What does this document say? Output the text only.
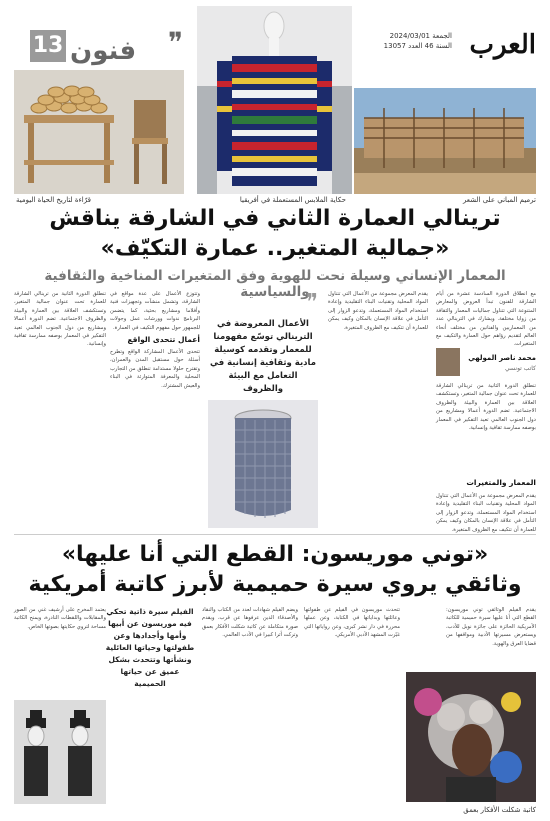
العرب
الجمعة 2024/03/01
السنة 46 العدد 13057
13 فنون ❞
ترميم المباني على الشعر
حكاية الملابس المستعملة في أفريقيا
قرّاءة لتاريخ الحياة اليومية
ترينالي العمارة الثاني في الشارقة يناقش
«جمالية المتغير.. عمارة التكيّف»
المعمار الإنساني وسيلة نحت للهوية وفق المتغيرات المناخية والثقافية والسياسية	مع انطلاق الدورة السادسة عشرة من أيام الشارقة للفنون تبدأ العروض والمعارض المتنوعة التي تتناول جماليات المعمار والثقافة من زوايا مختلفة. ويشارك في الترينالي عدد من المعماريين والفنانين من مختلف أنحاء العالم لتقديم رؤاهم حول العمارة والتكيف مع المتغيرات.
محمد ناصر المولهي
كاتب تونسي
تنطلق الدورة الثانية من ترينالي الشارقة للعمارة تحت عنوان جمالية المتغير، وتستكشف العلاقة بين العمارة والبيئة والظروف الاجتماعية. تضم الدورة أعمالا ومشاريع من دول الجنوب العالمي تعيد التفكير في المعمار بوصفه ممارسة ثقافية وإنسانية.
المعمار والمتغيرات
يقدم المعرض مجموعة من الأعمال التي تتناول المواد المحلية وتقنيات البناء التقليدية وإعادة استخدام المواد المستعملة، وتدعو الزوار إلى التأمل في علاقة الإنسان بالمكان وكيف يمكن للعمارة أن تتكيف مع الظروف المتغيرة.
يقدم المعرض مجموعة من الأعمال التي تتناول المواد المحلية وتقنيات البناء التقليدية وإعادة استخدام المواد المستعملة، وتدعو الزوار إلى التأمل في علاقة الإنسان بالمكان وكيف يمكن للعمارة أن تتكيف مع الظروف المتغيرة.
❞
الأعمال المعروضة في الترينالي توسّع مفهومنا للمعمار وتقدمه كوسيلة مادية وثقافية إنسانية في التعامل مع البيئة والظروف
وتتوزع الأعمال على عدة مواقع في الشارقة، وتشمل منشآت وتجهيزات فنية وأفلاما ومشاريع بحثية، كما يتضمن البرنامج ندوات وورشات عمل وجولات للجمهور حول مفهوم التكيف في العمارة.
أعمال تتحدى الواقع
تتحدى الأعمال المشاركة الواقع وتطرح أسئلة حول مستقبل المدن والعمران، وتقترح حلولا مستدامة تنطلق من التجارب المحلية والمعرفة المتوارثة في البناء والعيش المشترك.
تنطلق الدورة الثانية من ترينالي الشارقة للعمارة تحت عنوان جمالية المتغير، وتستكشف العلاقة بين العمارة والبيئة والظروف الاجتماعية. تضم الدورة أعمالا ومشاريع من دول الجنوب العالمي تعيد التفكير في المعمار بوصفه ممارسة ثقافية وإنسانية.
«توني موريسون: القطع التي أنا عليها»
وثائقي يروي سيرة حميمية لأبرز كاتبة أمريكية
يقدم الفيلم الوثائقي توني موريسون: القطع التي أنا عليها سيرة حميمية للكاتبة الأمريكية الحائزة على جائزة نوبل للأدب، ويستعرض مسيرتها الأدبية ومواقفها من قضايا العرق والهوية.
كاتبة شكلت الأفكار بعمق
تتحدث موريسون في الفيلم عن طفولتها وعائلتها وبداياتها في الكتابة، وعن عملها محررة في دار نشر كبرى، وعن رواياتها التي غيّرت المشهد الأدبي الأمريكي.
ويضم الفيلم شهادات لعدد من الكتاب والنقاد والأصدقاء الذين عرفوها عن قرب، ويقدم صورة متكاملة عن كاتبة شكلت الأفكار بعمق وتركت أثرا كبيرا في الأدب العالمي.
الفيلم سيرة ذاتية تحكي فيه موريسون عن أبيها وأمها وأجدادها وعن طفولتها وحياتها العائلية ونشأتها وتتحدث بشكل عميق عن حياتها الحميمية
يعتمد المخرج على أرشيف غني من الصور والمقابلات واللقطات النادرة، ويمنح الكاتبة مساحة لتروي حكايتها بصوتها الخاص.
